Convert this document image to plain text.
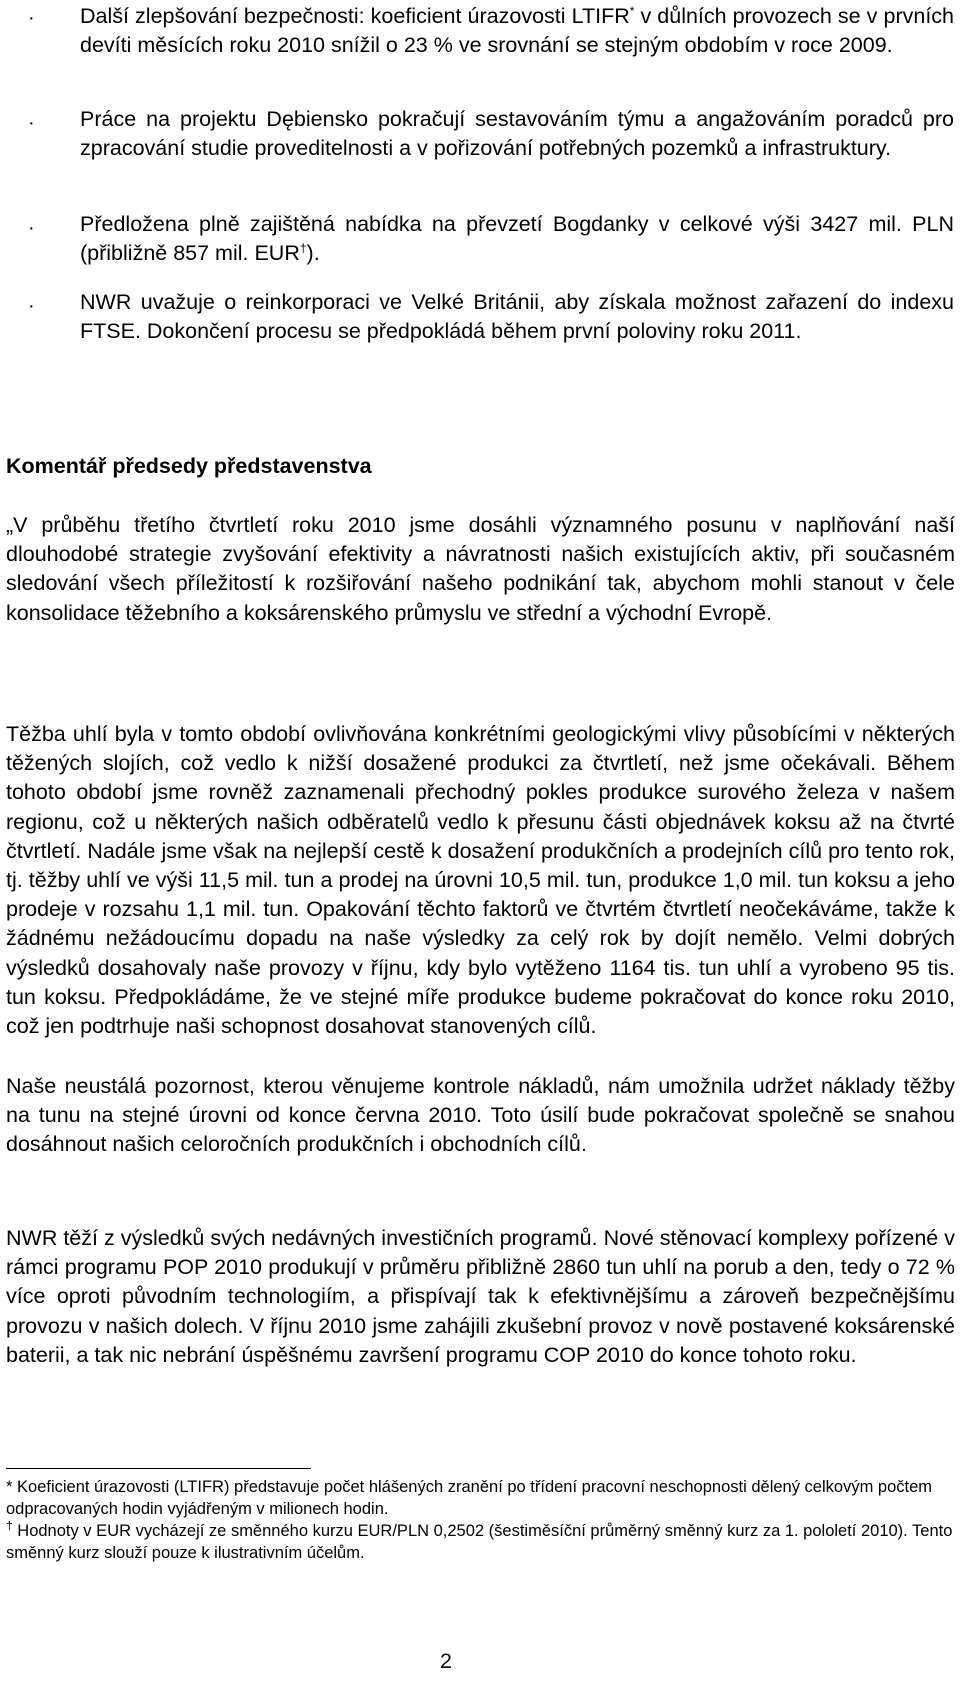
· Další zlepšování bezpečnosti: koeficient úrazovosti LTIFR* v důlních provozech se v prvních devíti měsících roku 2010 snížil o 23 % ve srovnání se stejným obdobím v roce 2009.
· Práce na projektu Dębiensko pokračují sestavováním týmu a angažováním poradců pro zpracování studie proveditelnosti a v pořizování potřebných pozemků a infrastruktury.
· Předložena plně zajištěná nabídka na převzetí Bogdanky v celkové výši 3427 mil. PLN (přibližně 857 mil. EUR†).
· NWR uvažuje o reinkorporaci ve Velké Británii, aby získala možnost zařazení do indexu FTSE. Dokončení procesu se předpokládá během první poloviny roku 2011.
Komentář předsedy představenstva

„V průběhu třetího čtvrtletí roku 2010 jsme dosáhli významného posunu v naplňování naší dlouhodobé strategie zvyšování efektivity a návratnosti našich existujících aktiv, při současném sledování všech příležitostí k rozšiřování našeho podnikání tak, abychom mohli stanout v čele konsolidace těžebního a koksárenského průmyslu ve střední a východní Evropě.

Těžba uhlí byla v tomto období ovlivňována konkrétními geologickými vlivy působícími v některých těžených slojích, což vedlo k nižší dosažené produkci za čtvrtletí, než jsme očekávali. Během tohoto období jsme rovněž zaznamenali přechodný pokles produkce surového železa v našem regionu, což u některých našich odběratelů vedlo k přesunu části objednávek koksu až na čtvrté čtvrtletí. Nadále jsme však na nejlepší cestě k dosažení produkčních a prodejních cílů pro tento rok, tj. těžby uhlí ve výši 11,5 mil. tun a prodej na úrovni 10,5 mil. tun, produkce 1,0 mil. tun koksu a jeho prodeje v rozsahu 1,1 mil. tun. Opakování těchto faktorů ve čtvrtém čtvrtletí neočekáváme, takže k žádnému nežádoucímu dopadu na naše výsledky za celý rok by dojít nemělo. Velmi dobrých výsledků dosahovaly naše provozy v říjnu, kdy bylo vytěženo 1164 tis. tun uhlí a vyrobeno 95 tis. tun koksu. Předpokládáme, že ve stejné míře produkce budeme pokračovat do konce roku 2010, což jen podtrhuje naši schopnost dosahovat stanovených cílů.

Naše neustálá pozornost, kterou věnujeme kontrole nákladů, nám umožnila udržet náklady těžby na tunu na stejné úrovni od konce června 2010. Toto úsilí bude pokračovat společně se snahou dosáhnout našich celoročních produkčních i obchodních cílů.

NWR těží z výsledků svých nedávných investičních programů. Nové stěnovací komplexy pořízené v rámci programu POP 2010 produkují v průměru přibližně 2860 tun uhlí na porub a den, tedy o 72 % více oproti původním technologiím, a přispívají tak k efektivnějšímu a zároveň bezpečnějšímu provozu v našich dolech. V říjnu 2010 jsme zahájili zkušební provoz v nově postavené koksárenské baterii, a tak nic nebrání úspěšnému završení programu COP 2010 do konce tohoto roku.

* Koeficient úrazovosti (LTIFR) představuje počet hlášených zranění po třídení pracovní neschopnosti dělený celkovým počtem odpracovaných hodin vyjádřeným v milionech hodin.

† Hodnoty v EUR vycházejí ze směnného kurzu EUR/PLN 0,2502 (šestiměsíční průměrný směnný kurz za 1. pololetí 2010). Tento směnný kurz slouží pouze k ilustrativním účelům.

2
